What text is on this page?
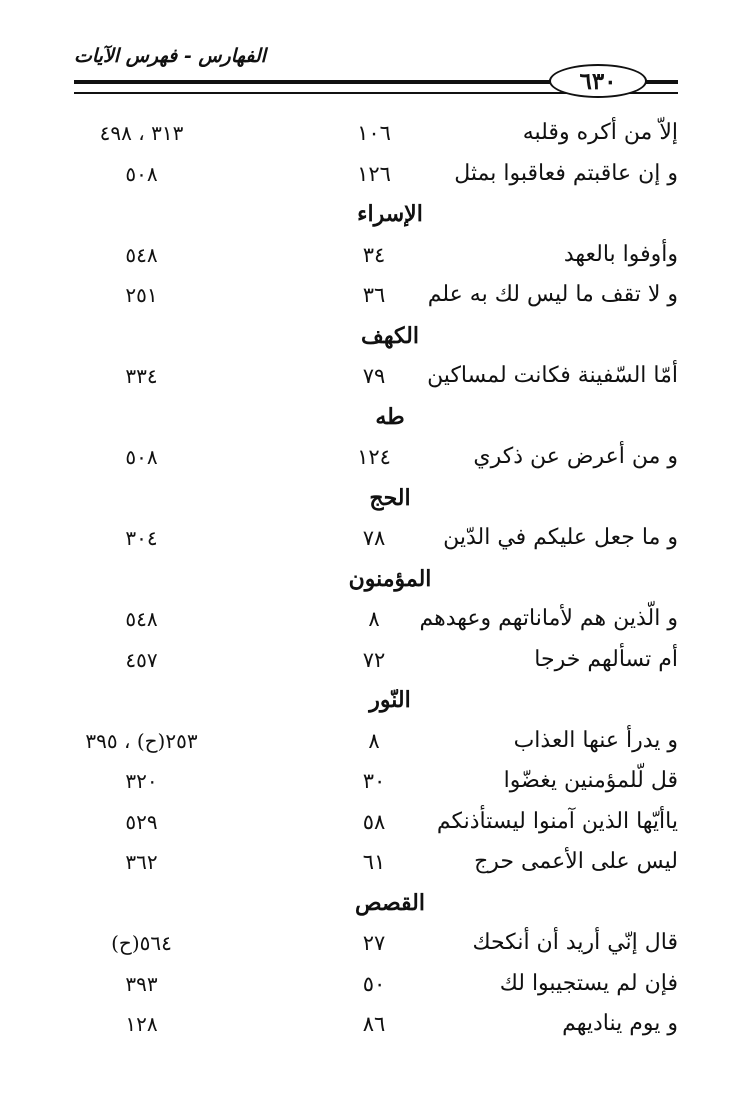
الفهارس - فهرس الآيات
٦٣٠
إلاّ من أكره وقلبه
١٠٦
٣١٣ ، ٤٩٨
و إن عاقبتم فعاقبوا بمثل
١٢٦
٥٠٨
الإسراء
وأوفوا بالعهد
٣٤
٥٤٨
و لا تقف ما ليس لك به علم
٣٦
٢٥١
الكهف
أمّا السّفينة فكانت لمساكين
٧٩
٣٣٤
طه
و من أعرض عن ذكري
١٢٤
٥٠٨
الحج
و ما جعل عليكم في الدّين
٧٨
٣٠٤
المؤمنون
و الّذين هم لأماناتهم وعهدهم
٨
٥٤٨
أم تسألهم خرجا
٧٢
٤٥٧
النّور
و يدرأ عنها العذاب
٨
٢٥٣(ح) ، ٣٩٥
قل لّلمؤمنين يغضّوا
٣٠
٣٢٠
ياأيّها الذين آمنوا ليستأذنكم
٥٨
٥٢٩
ليس على الأعمى حرج
٦١
٣٦٢
القصص
قال إنّي أريد أن أنكحك
٢٧
٥٦٤(ح)
فإن لم يستجيبوا لك
٥٠
٣٩٣
و يوم يناديهم
٨٦
١٢٨
